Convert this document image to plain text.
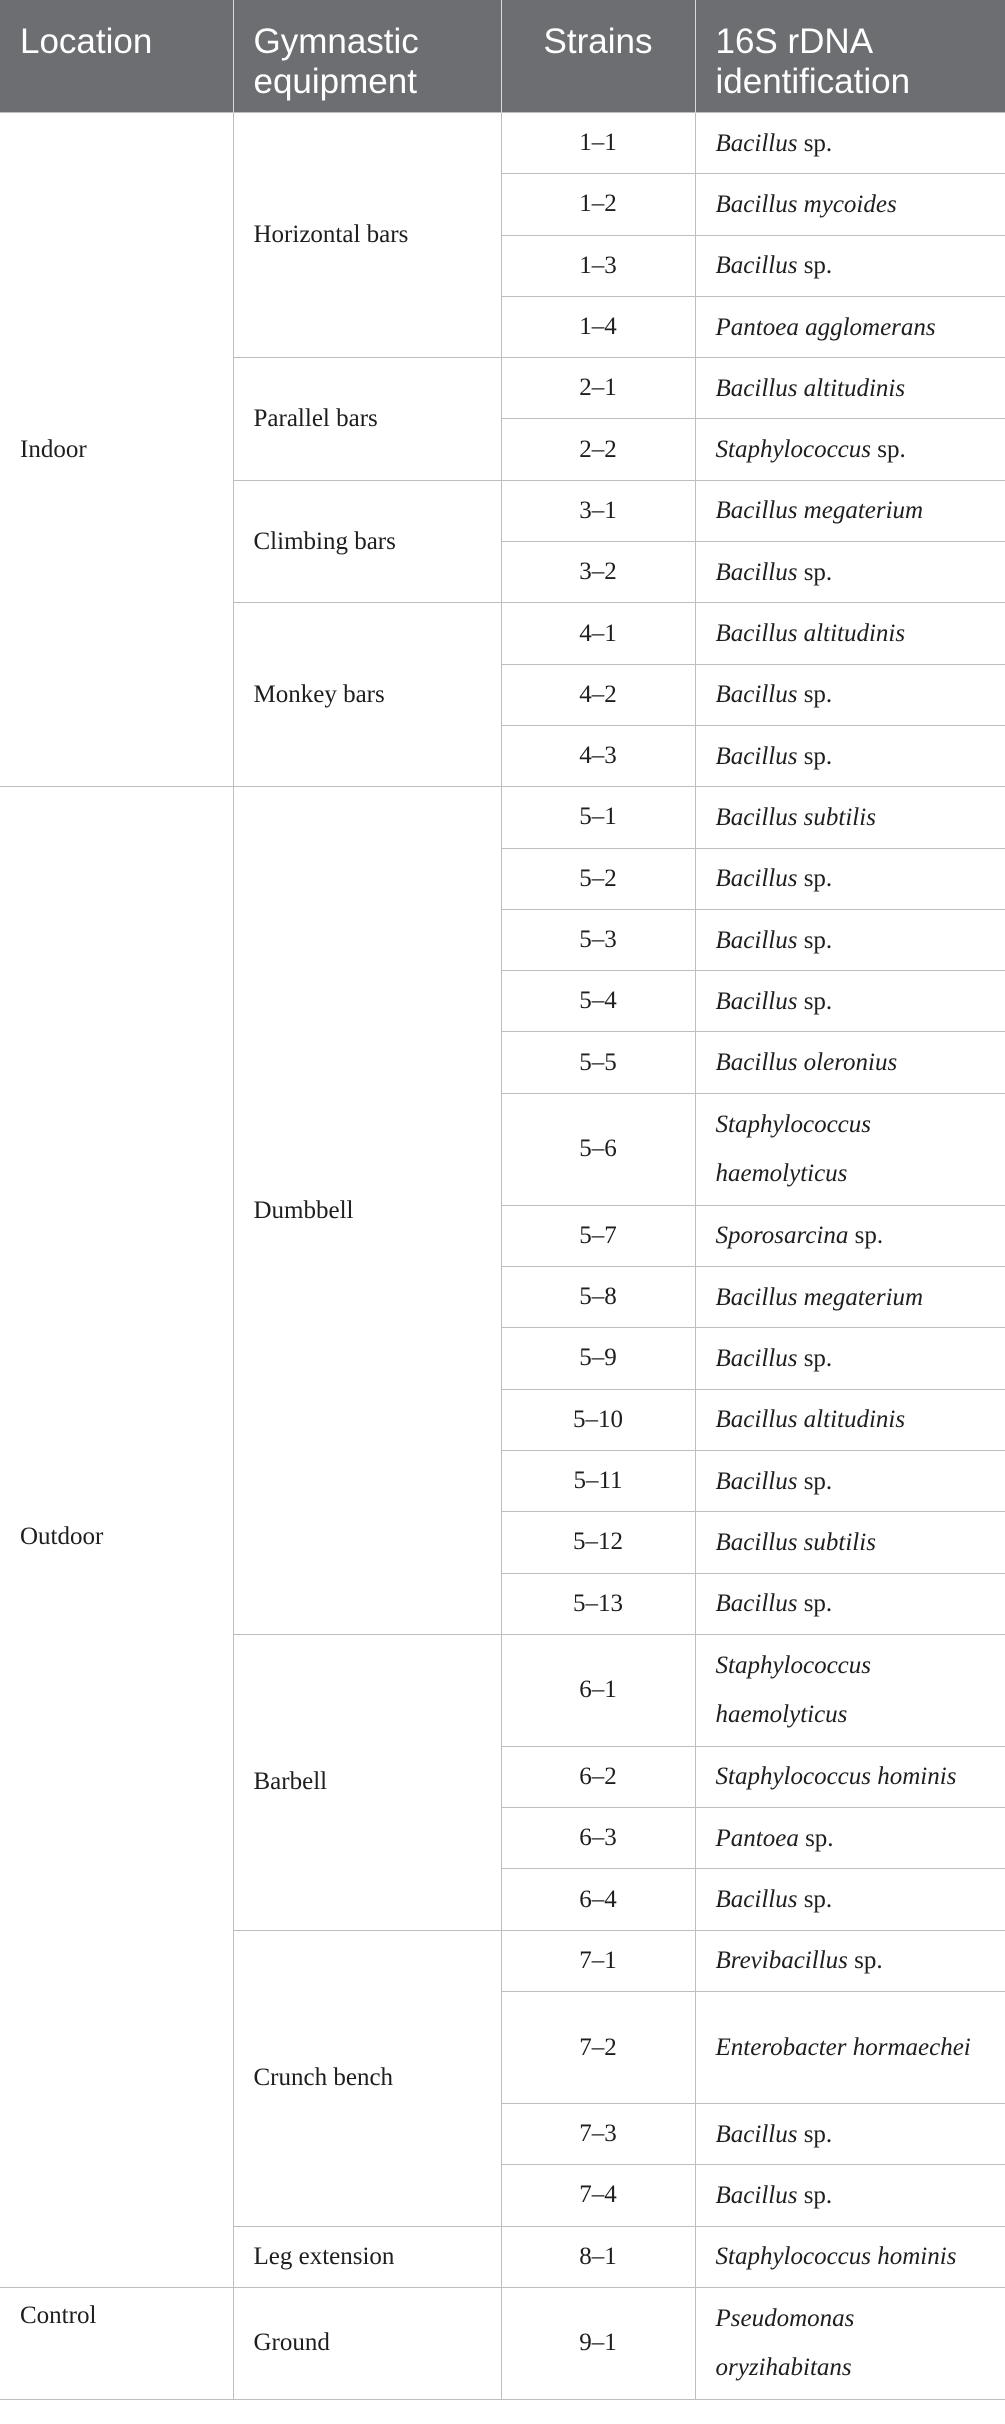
Location	Gymnastic equipment	Strains	16S rDNA identification
Indoor	Horizontal bars	1–1	Bacillus sp.
		1–2	Bacillus mycoides
		1–3	Bacillus sp.
		1–4	Pantoea agglomerans
	Parallel bars	2–1	Bacillus altitudinis
		2–2	Staphylococcus sp.
	Climbing bars	3–1	Bacillus megaterium
		3–2	Bacillus sp.
	Monkey bars	4–1	Bacillus altitudinis
		4–2	Bacillus sp.
		4–3	Bacillus sp.
Outdoor	Dumbbell	5–1	Bacillus subtilis
		5–2	Bacillus sp.
		5–3	Bacillus sp.
		5–4	Bacillus sp.
		5–5	Bacillus oleronius
		5–6	Staphylococcus haemolyticus
		5–7	Sporosarcina sp.
		5–8	Bacillus megaterium
		5–9	Bacillus sp.
		5–10	Bacillus altitudinis
		5–11	Bacillus sp.
		5–12	Bacillus subtilis
		5–13	Bacillus sp.
	Barbell	6–1	Staphylococcus haemolyticus
		6–2	Staphylococcus hominis
		6–3	Pantoea sp.
		6–4	Bacillus sp.
	Crunch bench	7–1	Brevibacillus sp.
		7–2	Enterobacter hormaechei
		7–3	Bacillus sp.
		7–4	Bacillus sp.
	Leg extension	8–1	Staphylococcus hominis
Control	Ground	9–1	Pseudomonas oryzihabitans
